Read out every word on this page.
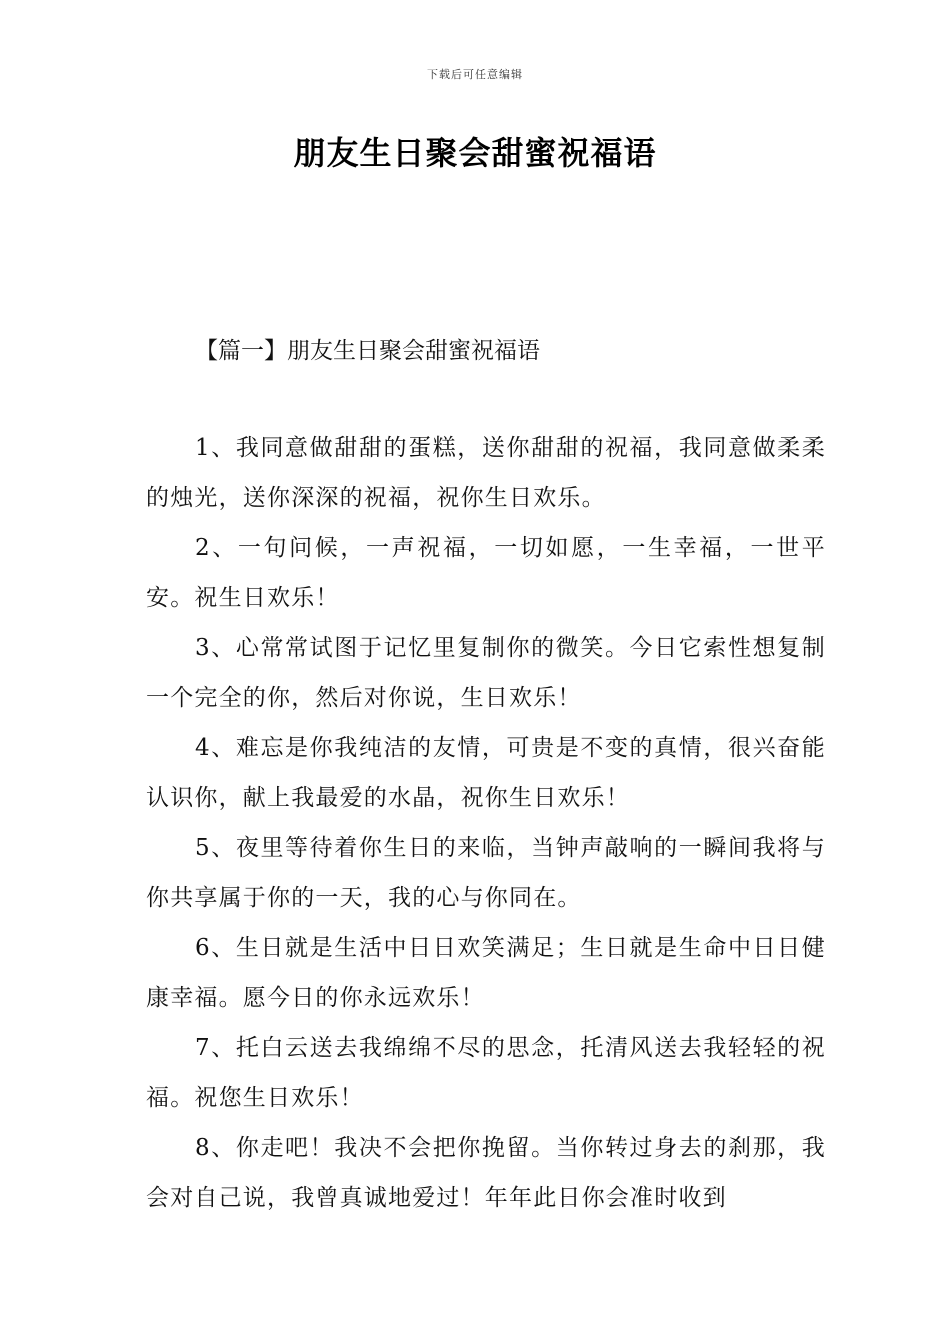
下载后可任意编辑
朋友生日聚会甜蜜祝福语
【篇一】朋友生日聚会甜蜜祝福语
1、我同意做甜甜的蛋糕，送你甜甜的祝福，我同意做柔柔的烛光，送你深深的祝福，祝你生日欢乐。
2、一句问候，一声祝福，一切如愿，一生幸福，一世平安。祝生日欢乐！
3、心常常试图于记忆里复制你的微笑。今日它索性想复制一个完全的你，然后对你说，生日欢乐！
4、难忘是你我纯洁的友情，可贵是不变的真情，很兴奋能认识你，献上我最爱的水晶，祝你生日欢乐！
5、夜里等待着你生日的来临，当钟声敲响的一瞬间我将与你共享属于你的一天，我的心与你同在。
6、生日就是生活中日日欢笑满足；生日就是生命中日日健康幸福。愿今日的你永远欢乐！
7、托白云送去我绵绵不尽的思念，托清风送去我轻轻的祝福。祝您生日欢乐！
8、你走吧！我决不会把你挽留。当你转过身去的刹那，我会对自己说，我曾真诚地爱过！年年此日你会准时收到
